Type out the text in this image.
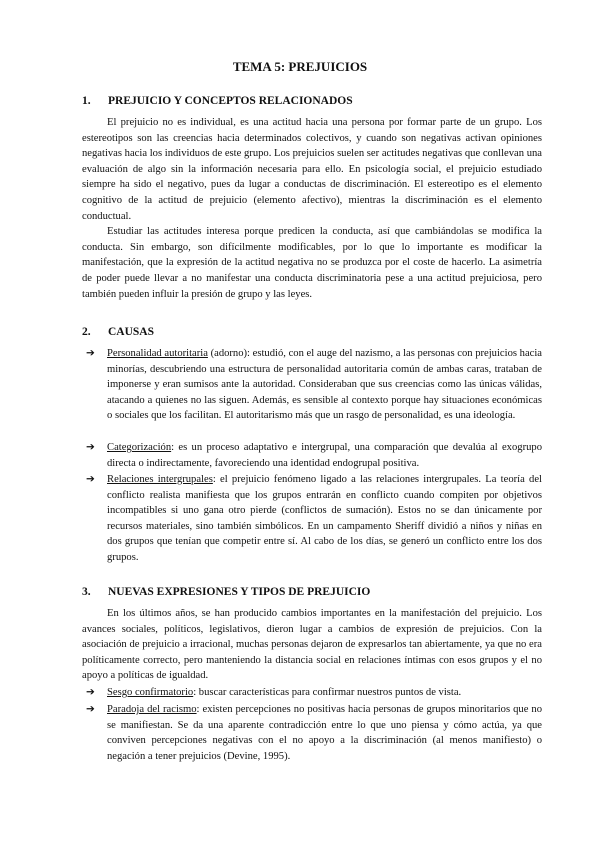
TEMA 5: PREJUICIOS
1. PREJUICIO Y CONCEPTOS RELACIONADOS

El prejuicio no es individual, es una actitud hacia una persona por formar parte de un grupo. Los estereotipos son las creencias hacia determinados colectivos, y cuando son negativas activan opiniones negativas hacia los individuos de este grupo. Los prejuicios suelen ser actitudes negativas que conllevan una evaluación de algo sin la información necesaria para ello. En psicología social, el prejuicio estudiado siempre ha sido el negativo, pues da lugar a conductas de discriminación. El estereotipo es el elemento cognitivo de la actitud de prejuicio (elemento afectivo), mientras la discriminación es el elemento conductual.

Estudiar las actitudes interesa porque predicen la conducta, así que cambiándolas se modifica la conducta. Sin embargo, son difícilmente modificables, por lo que lo importante es modificar la manifestación, que la expresión de la actitud negativa no se produzca por el coste de hacerlo. La asimetría de poder puede llevar a no manifestar una conducta discriminatoria pese a una actitud prejuiciosa, pero también pueden influir la presión de grupo y las leyes.

2. CAUSAS
➔ Personalidad autoritaria (adorno): estudió, con el auge del nazismo, a las personas con prejuicios hacia minorías, descubriendo una estructura de personalidad autoritaria común de ambas caras, trataban de imponerse y eran sumisos ante la autoridad. Consideraban que sus creencias como las únicas válidas, atacando a quienes no las siguen. Además, es sensible al contexto porque hay situaciones económicas o sociales que los facilitan. El autoritarismo más que un rasgo de personalidad, es una ideología.
➔ Categorización: es un proceso adaptativo e intergrupal, una comparación que devalúa al exogrupo directa o indirectamente, favoreciendo una identidad endogrupal positiva.
➔ Relaciones intergrupales: el prejuicio fenómeno ligado a las relaciones intergrupales. La teoría del conflicto realista manifiesta que los grupos entrarán en conflicto cuando compiten por objetivos incompatibles si uno gana otro pierde (conflictos de sumación). Estos no se dan únicamente por recursos materiales, sino también simbólicos. En un campamento Sheriff dividió a niños y niñas en dos grupos que tenían que competir entre sí. Al cabo de los días, se generó un conflicto entre los dos grupos.
3. NUEVAS EXPRESIONES Y TIPOS DE PREJUICIO

En los últimos años, se han producido cambios importantes en la manifestación del prejuicio. Los avances sociales, políticos, legislativos, dieron lugar a cambios de expresión de prejuicios. Con la asociación de prejuicio a irracional, muchas personas dejaron de expresarlos tan abiertamente, ya que no era políticamente correcto, pero manteniendo la distancia social en relaciones íntimas con esos grupos y el no apoyo a políticas de igualdad.

➔ Sesgo confirmatorio: buscar características para confirmar nuestros puntos de vista.
➔ Paradoja del racismo: existen percepciones no positivas hacia personas de grupos minoritarios que no se manifiestan. Se da una aparente contradicción entre lo que uno piensa y cómo actúa, ya que conviven percepciones negativas con el no apoyo a la discriminación (al menos manifiesto) o negación a tener prejuicios (Devine, 1995).
